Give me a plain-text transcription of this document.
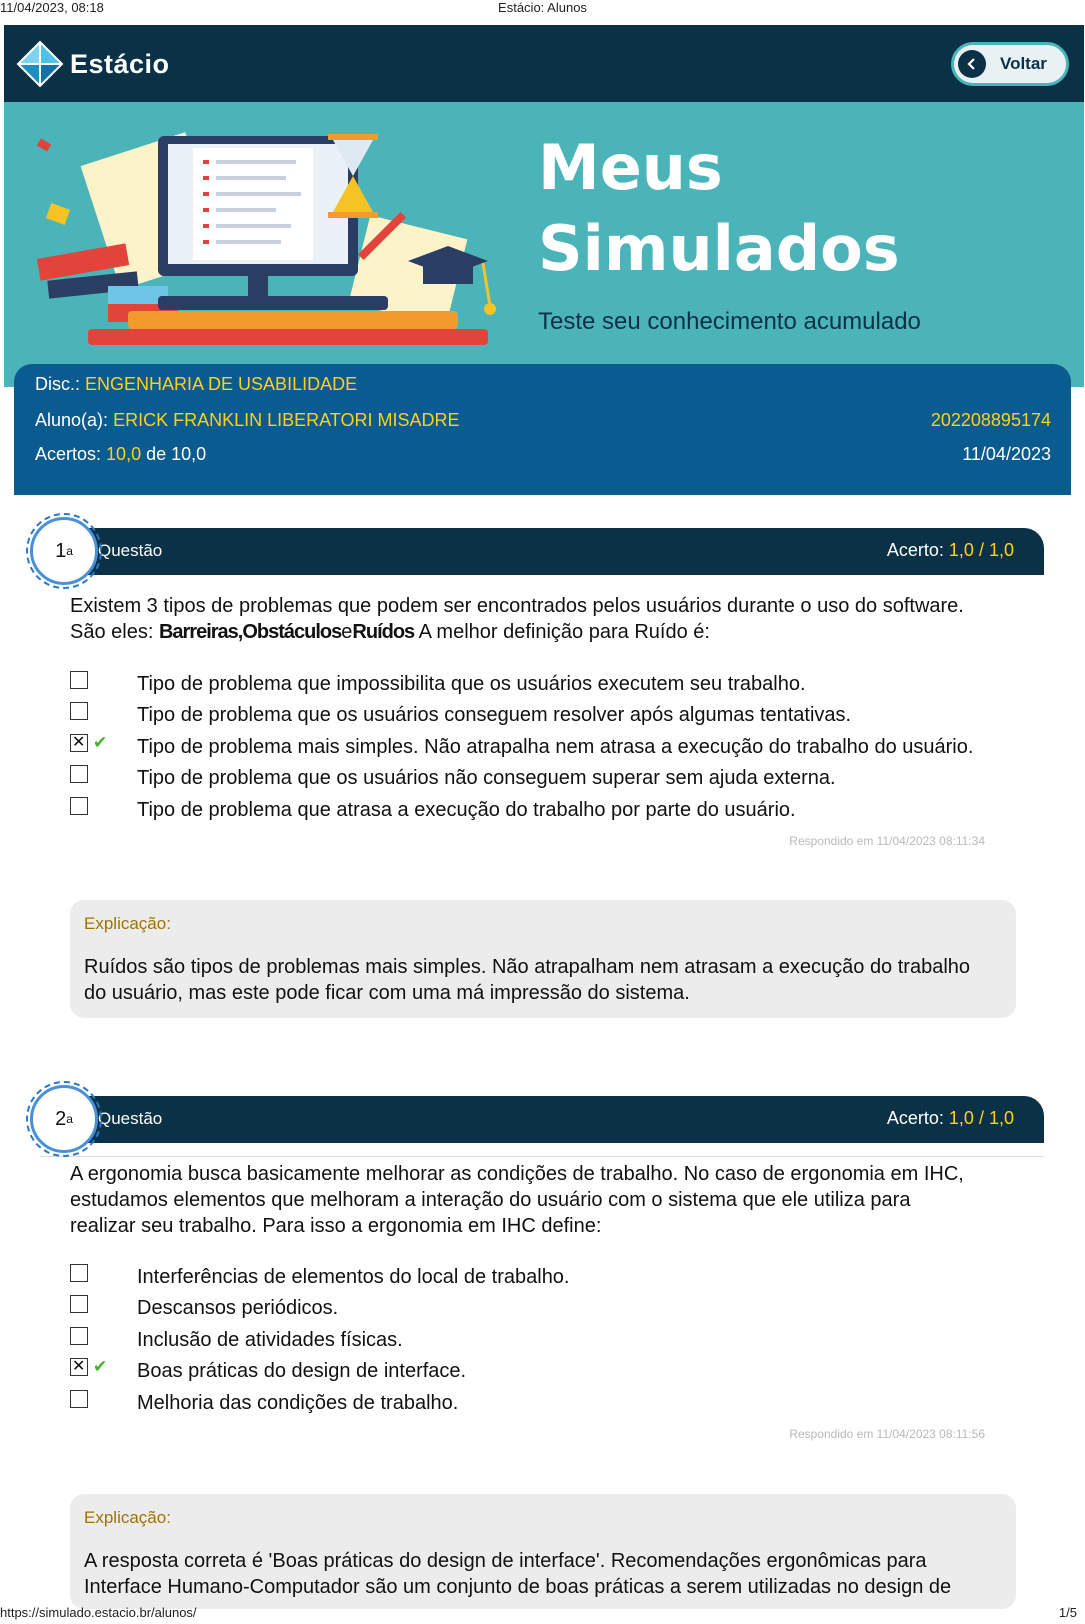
11/04/2023, 08:18	Estácio: Alunos
Estácio	Voltar
Meus
Simulados
Teste seu conhecimento acumulado
Disc.: ENGENHARIA DE USABILIDADE
Aluno(a): ERICK FRANKLIN LIBERATORI MISADRE	202208895174
Acertos: 10,0 de 10,0	11/04/2023
Questão	Acerto: 1,0 / 1,0
1 a
Existem 3 tipos de problemas que podem ser encontrados pelos usuários durante o uso do software.
São eles: Barreiras,ObstáculoseRuídos A melhor definição para Ruído é:
Tipo de problema que impossibilita que os usuários executem seu trabalho.
Tipo de problema que os usuários conseguem resolver após algumas tentativas.
✕
✔ Tipo de problema mais simples. Não atrapalha nem atrasa a execução do trabalho do usuário.
Tipo de problema que os usuários não conseguem superar sem ajuda externa.
Tipo de problema que atrasa a execução do trabalho por parte do usuário.
Respondido em 11/04/2023 08:11:34
Explicação:
Ruídos são tipos de problemas mais simples. Não atrapalham nem atrasam a execução do trabalho do usuário, mas este pode ficar com uma má impressão do sistema.
Questão	Acerto: 1,0 / 1,0
2 a
A ergonomia busca basicamente melhorar as condições de trabalho. No caso de ergonomia em IHC, estudamos elementos que melhoram a interação do usuário com o sistema que ele utiliza para realizar seu trabalho. Para isso a ergonomia em IHC define:
Interferências de elementos do local de trabalho.
Descansos periódicos.
Inclusão de atividades físicas.
✕
✔ Boas práticas do design de interface.
Melhoria das condições de trabalho.
Respondido em 11/04/2023 08:11:56
Explicação:
A resposta correta é 'Boas práticas do design de interface'. Recomendações ergonômicas para Interface Humano-Computador são um conjunto de boas práticas a serem utilizadas no design de
https://simulado.estacio.br/alunos/	1/5
